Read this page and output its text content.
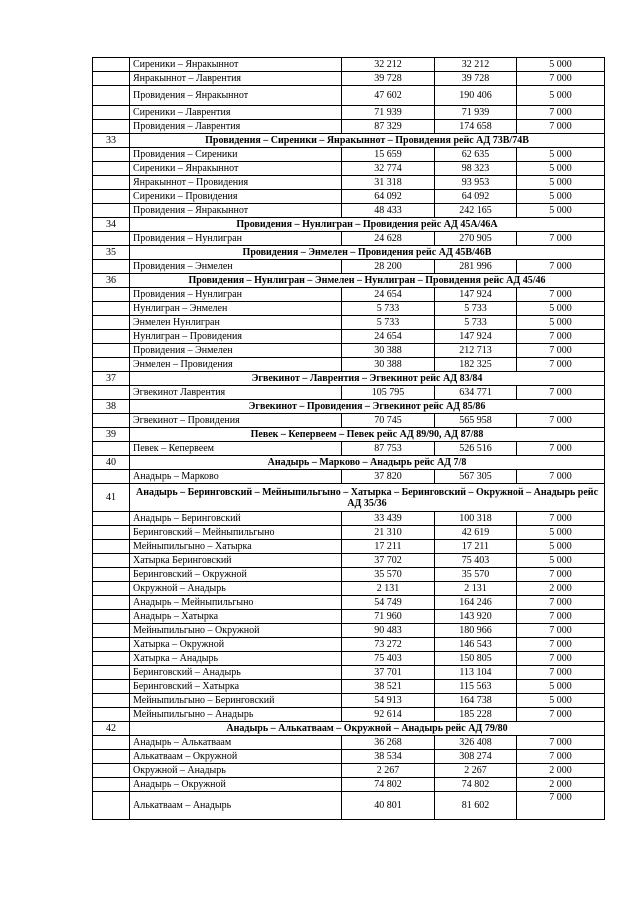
	Сиреники – Янракыннот	32 212	32 212	5 000
	Янракыннот – Лаврентия	39 728	39 728	7 000
	Провидения – Янракыннот	47 602	190 406	5 000
	Сиреники – Лаврентия	71 939	71 939	7 000
	Провидения – Лаврентия	87 329	174 658	7 000
33	Провидения – Сиреники – Янракыннот – Провидения рейс АД 73В/74В			
	Провидения – Сиреники	15 659	62 635	5 000
	Сиреники – Янракыннот	32 774	98 323	5 000
	Янракыннот – Провидения	31 318	93 953	5 000
	Сиреники – Провидения	64 092	64 092	5 000
	Провидения – Янракыннот	48 433	242 165	5 000
34	Провидения – Нунлигран – Провидения рейс АД 45А/46А			
	Провидения – Нунлигран	24 628	270 905	7 000
35	Провидения – Энмелен – Провидения рейс АД 45В/46В			
	Провидения – Энмелен	28 200	281 996	7 000
36	Провидения – Нунлигран – Энмелен – Нунлигран – Провидения рейс АД 45/46			
	Провидения – Нунлигран	24 654	147 924	7 000
	Нунлигран – Энмелен	5 733	5 733	5 000
	Энмелен Нунлигран	5 733	5 733	5 000
	Нунлигран – Провидения	24 654	147 924	7 000
	Провидения – Энмелен	30 388	212 713	7 000
	Энмелен – Провидения	30 388	182 325	7 000
37	Эгвекинот – Лаврентия – Эгвекинот рейс АД 83/84			
	Эгвекинот Лаврентия	105 795	634 771	7 000
38	Эгвекинот – Провидения – Эгвекинот рейс АД 85/86			
	Эгвекинот – Провидения	70 745	565 958	7 000
39	Певек – Кепервеем – Певек рейс АД 89/90, АД 87/88			
	Певек – Кепервеем	87 753	526 516	7 000
40	Анадырь – Марково – Анадырь рейс АД 7/8			
	Анадырь – Марково	37 820	567 305	7 000
41	Анадырь – Беринговский – Мейныпильгыно – Хатырка – Беринговский – Окружной – Анадырь рейс АД 35/36			
	Анадырь – Беринговский	33 439	100 318	7 000
	Беринговский – Мейныпильгыно	21 310	42 619	5 000
	Мейныпильгыно – Хатырка	17 211	17 211	5 000
	Хатырка Беринговский	37 702	75 403	5 000
	Беринговский – Окружной	35 570	35 570	7 000
	Окружной – Анадырь	2 131	2 131	2 000
	Анадырь – Мейныпильгыно	54 749	164 246	7 000
	Анадырь – Хатырка	71 960	143 920	7 000
	Мейныпильгыно – Окружной	90 483	180 966	7 000
	Хатырка – Окружной	73 272	146 543	7 000
	Хатырка – Анадырь	75 403	150 805	7 000
	Беринговский – Анадырь	37 701	113 104	7 000
	Беринговский – Хатырка	38 521	115 563	5 000
	Мейныпильгыно – Беринговский	54 913	164 738	5 000
	Мейныпильгыно – Анадырь	92 614	185 228	7 000
42	Анадырь – Алькатваам – Окружной – Анадырь рейс АД 79/80			
	Анадырь – Алькатваам	36 268	326 408	7 000
	Алькатваам – Окружной	38 534	308 274	7 000
	Окружной – Анадырь	2 267	2 267	2 000
	Анадырь – Окружной	74 802	74 802	2 000
	Алькатваам – Анадырь	40 801	81 602	7 000
